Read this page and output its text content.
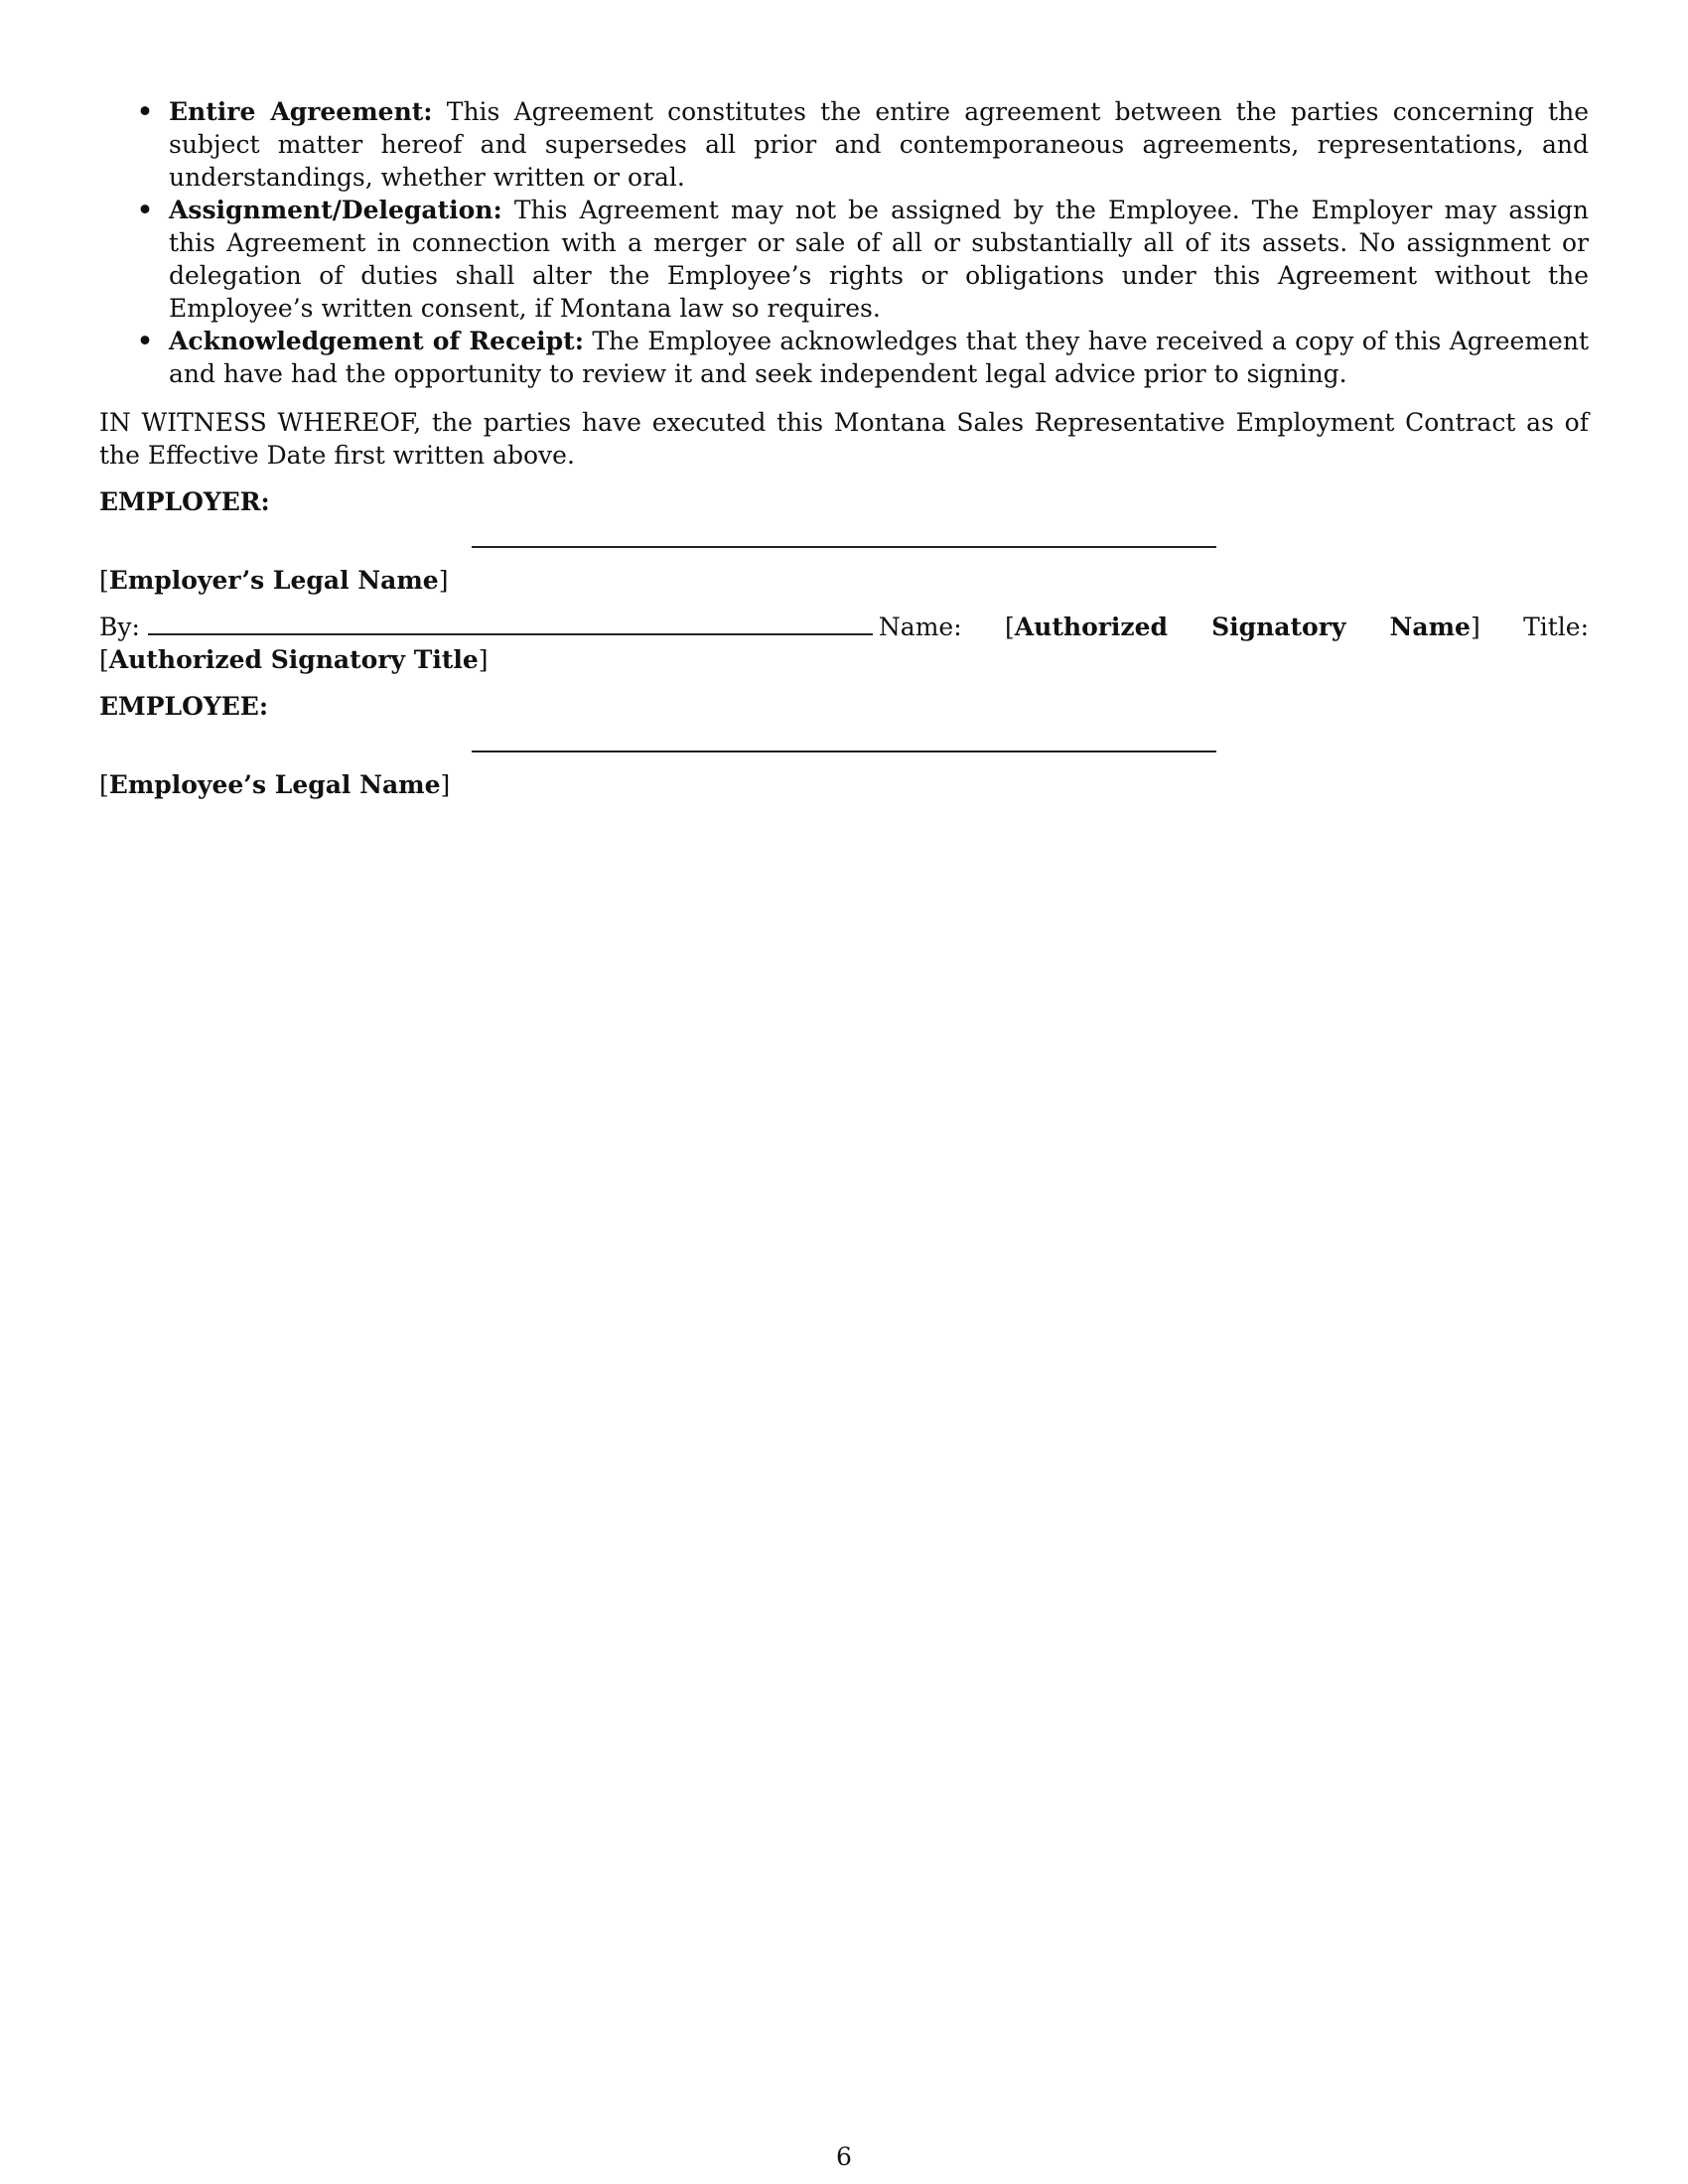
• Entire Agreement: This Agreement constitutes the entire agreement between the parties concerning the subject matter hereof and supersedes all prior and contemporaneous agreements, representations, and understandings, whether written or oral.
• Assignment/Delegation: This Agreement may not be assigned by the Employee. The Employer may assign this Agreement in connection with a merger or sale of all or substantially all of its assets. No assignment or delegation of duties shall alter the Employee’s rights or obligations under this Agreement without the Employee’s written consent, if Montana law so requires.
• Acknowledgement of Receipt: The Employee acknowledges that they have received a copy of this Agreement and have had the opportunity to review it and seek independent legal advice prior to signing.
IN WITNESS WHEREOF, the parties have executed this Montana Sales Representative Employment Contract as of the Effective Date first written above.
EMPLOYER:
[Employer’s Legal Name]
By:	Name: [Authorized Signatory Name] Title: [Authorized Signatory Title]
EMPLOYEE:
[Employee’s Legal Name]
6
